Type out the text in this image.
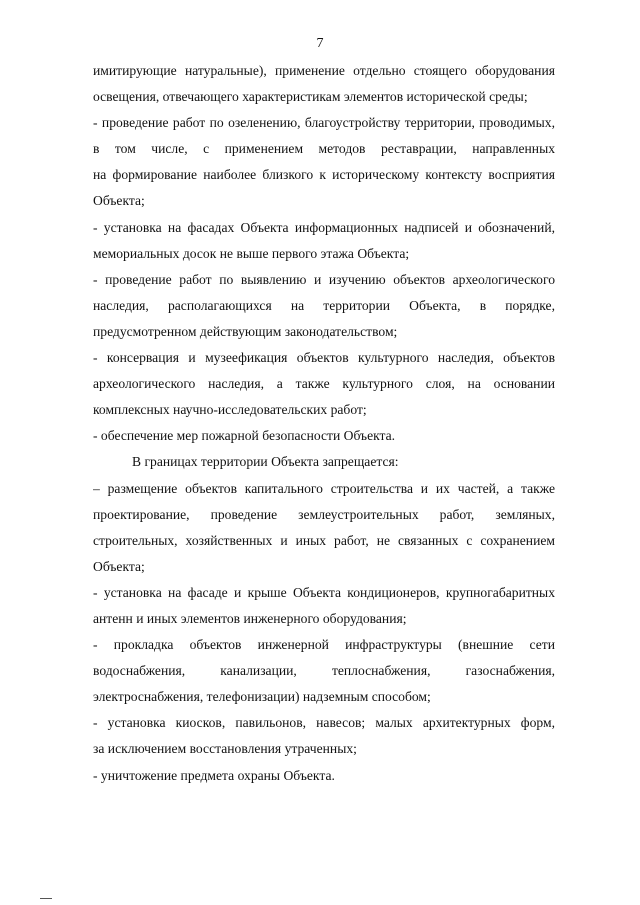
7
имитирующие натуральные), применение отдельно стоящего оборудования
освещения, отвечающего характеристикам элементов исторической среды;
- проведение работ по озеленению, благоустройству территории, проводимых,
в том числе, с применением методов реставрации, направленных
на формирование наиболее близкого к историческому контексту восприятия
Объекта;
- установка на фасадах Объекта информационных надписей и обозначений,
мемориальных досок не выше первого этажа Объекта;
- проведение работ по выявлению и изучению объектов археологического
наследия, располагающихся на территории Объекта, в порядке,
предусмотренном действующим законодательством;
- консервация и музеефикация объектов культурного наследия, объектов
археологического наследия, а также культурного слоя, на основании
комплексных научно-исследовательских работ;
- обеспечение мер пожарной безопасности Объекта.
В границах территории Объекта запрещается:
– размещение объектов капитального строительства и их частей, а также
проектирование, проведение землеустроительных работ, земляных,
строительных, хозяйственных и иных работ, не связанных с сохранением
Объекта;
- установка на фасаде и крыше Объекта кондиционеров, крупногабаритных
антенн и иных элементов инженерного оборудования;
- прокладка объектов инженерной инфраструктуры (внешние сети
водоснабжения, канализации, теплоснабжения, газоснабжения,
электроснабжения, телефонизации) надземным способом;
- установка киосков, павильонов, навесов; малых архитектурных форм,
за исключением восстановления утраченных;
- уничтожение предмета охраны Объекта.
